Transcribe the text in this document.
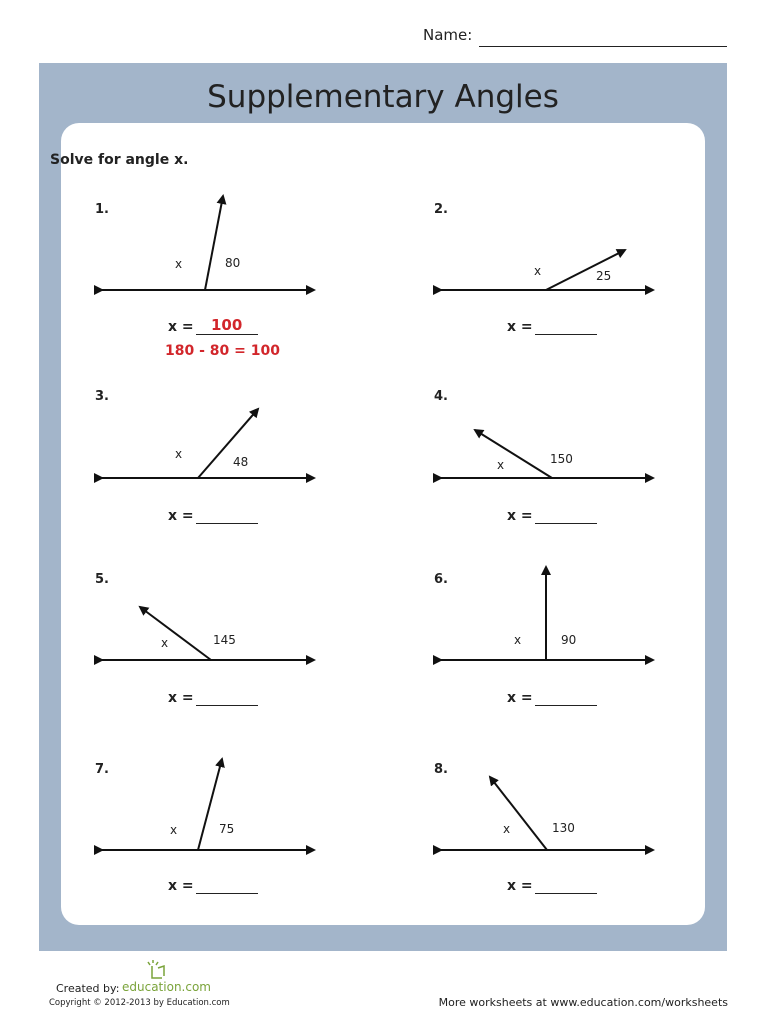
Name:
Supplementary Angles
Solve for angle x.
1.
x	80
x =	100
180 - 80 = 100
2.
x	25
x =
3.
x
48
x =
4.
x	150
x =
5.
x	145
x =
6.
x	90
x =
7.
x	75
x =
8.
x	130
x =
Created by: education.com
Copyright © 2012-2013 by Education.com	More worksheets at www.education.com/worksheets
